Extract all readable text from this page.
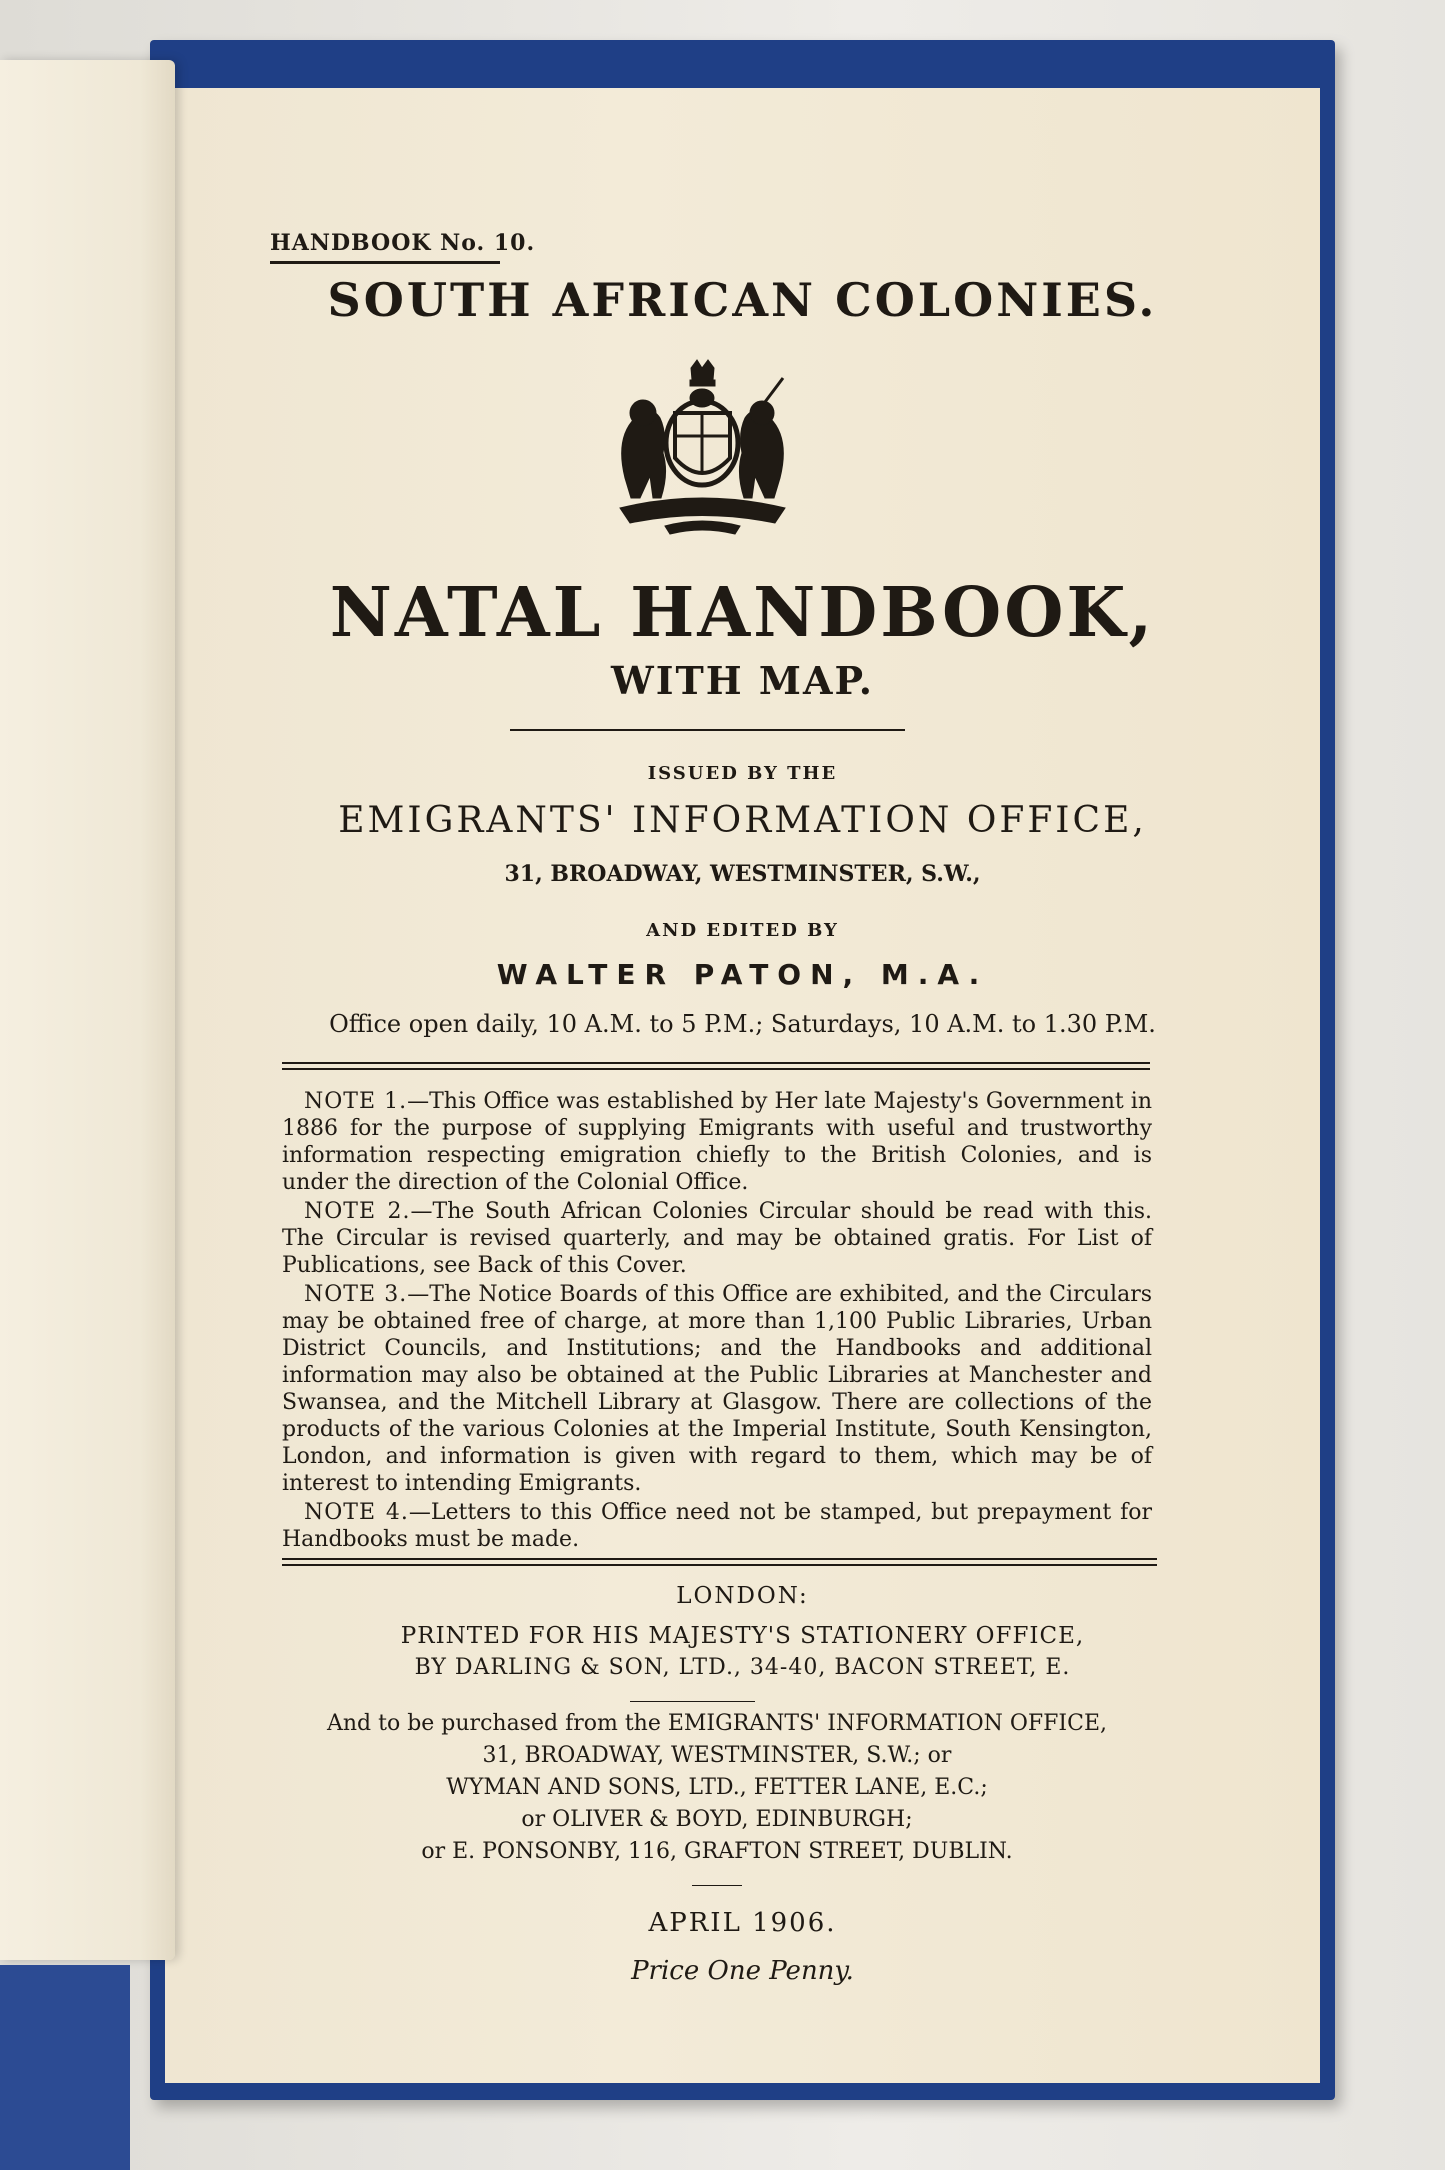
HANDBOOK No. 10.
SOUTH AFRICAN COLONIES.
NATAL HANDBOOK,
WITH MAP.
ISSUED BY THE
EMIGRANTS' INFORMATION OFFICE,
31, BROADWAY, WESTMINSTER, S.W.,
AND EDITED BY
WALTER PATON, M.A.
Office open daily, 10 A.M. to 5 P.M.; Saturdays, 10 A.M. to 1.30 P.M.

NOTE 1.—This Office was established by Her late Majesty's Government in 1886 for the purpose of supplying Emigrants with useful and trustworthy information respecting emigration chiefly to the British Colonies, and is under the direction of the Colonial Office.

NOTE 2.—The South African Colonies Circular should be read with this. The Circular is revised quarterly, and may be obtained gratis. For List of Publications, see Back of this Cover.

NOTE 3.—The Notice Boards of this Office are exhibited, and the Circulars may be obtained free of charge, at more than 1,100 Public Libraries, Urban District Councils, and Institutions; and the Handbooks and additional information may also be obtained at the Public Libraries at Manchester and Swansea, and the Mitchell Library at Glasgow. There are collections of the products of the various Colonies at the Imperial Institute, South Kensington, London, and information is given with regard to them, which may be of interest to intending Emigrants.

NOTE 4.—Letters to this Office need not be stamped, but prepayment for Handbooks must be made.

LONDON:
PRINTED FOR HIS MAJESTY'S STATIONERY OFFICE,
BY DARLING & SON, LTD., 34-40, BACON STREET, E.
And to be purchased from the EMIGRANTS' INFORMATION OFFICE,
31, BROADWAY, WESTMINSTER, S.W.; or
WYMAN AND SONS, LTD., FETTER LANE, E.C.;
or OLIVER & BOYD, EDINBURGH;
or E. PONSONBY, 116, GRAFTON STREET, DUBLIN.
APRIL 1906.
Price One Penny.
